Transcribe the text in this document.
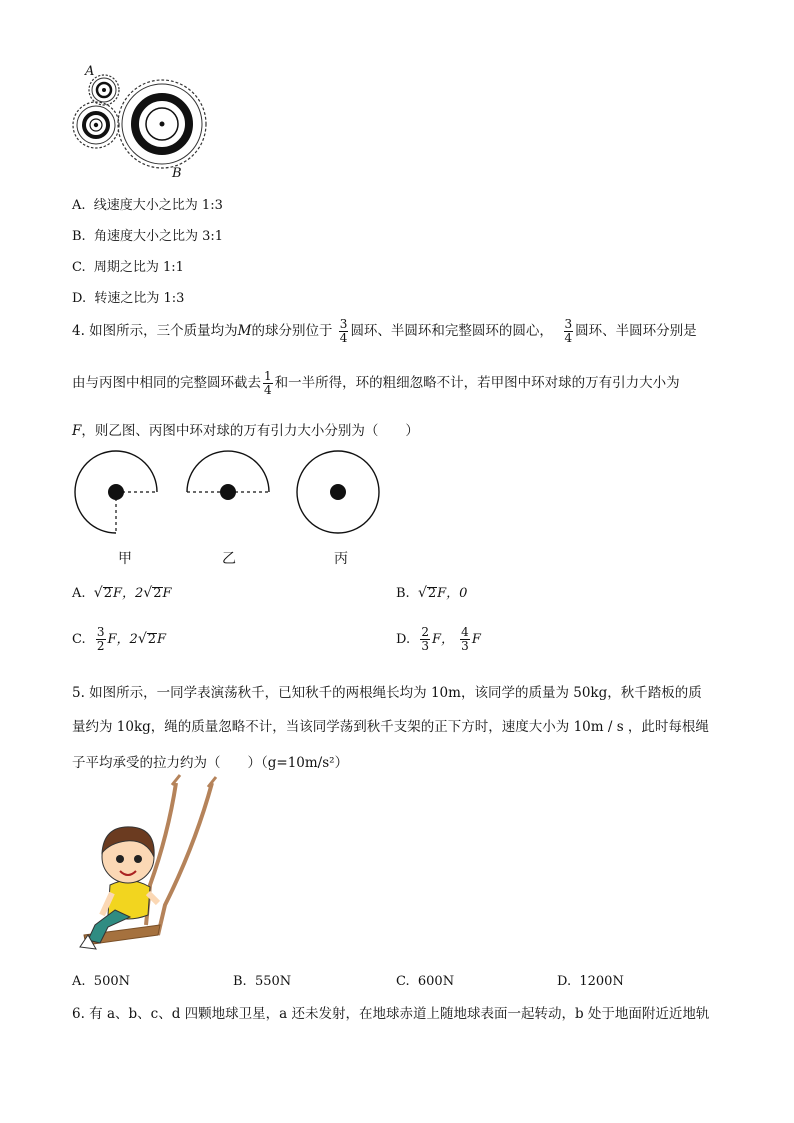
A
B
A. 线速度大小之比为 1:3
B. 角速度大小之比为 3:1
C. 周期之比为 1:1
D. 转速之比为 1:3
4. 如图所示，三个质量均为M的球分别位于 $\frac{3}{4}$ 圆环、半圆环和完整圆环的圆心， $\frac{3}{4}$ 圆环、半圆环分别是
由与丙图中相同的完整圆环截去 $\frac{1}{4}$ 和一半所得，环的粗细忽略不计，若甲图中环对球的万有引力大小为
F，则乙图、丙图中环对球的万有引力大小分别为（　　）
甲	乙	丙
A. √2F，2√2F	B. √2F，0
C. $\frac{3}{2}$ F，2√2F	D. $\frac{2}{3}$ F， $\frac{4}{3}$ F
5. 如图所示，一同学表演荡秋千，已知秋千的两根绳长均为 10m，该同学的质量为 50kg，秋千踏板的质
量约为 10kg，绳的质量忽略不计，当该同学荡到秋千支架的正下方时，速度大小为 10m / s ，此时每根绳
子平均承受的拉力约为（　　）（g=10m/s²）
A. 500N	B. 550N	C. 600N	D. 1200N
6. 有 a、b、c、d 四颗地球卫星，a 还未发射，在地球赤道上随地球表面一起转动，b 处于地面附近近地轨
